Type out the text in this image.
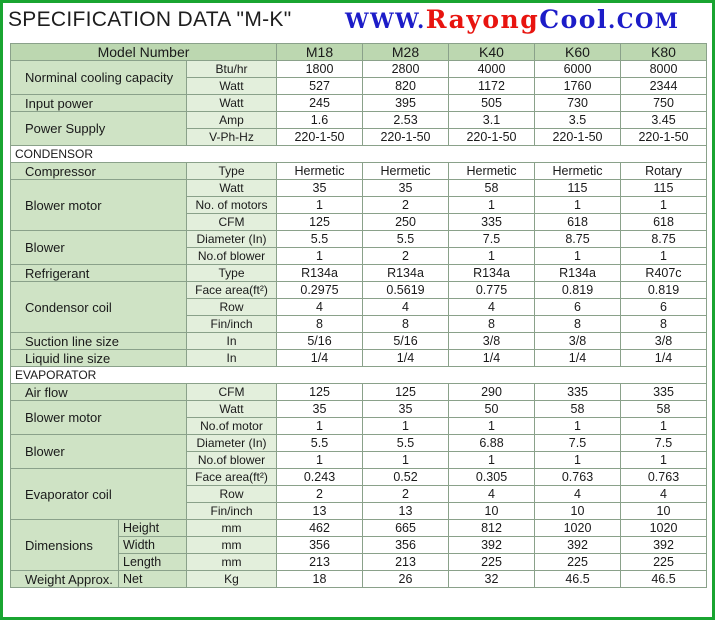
SPECIFICATION DATA "M-K"	WWW.RayongCool.COM
Model Number			M18	M28	K40	K60	K80
Norminal cooling capacity		Btu/hr	1800	2800	4000	6000	8000
		Watt	527	820	1172	1760	2344
Input power		Watt	245	395	505	730	750
Power Supply		Amp	1.6	2.53	3.1	3.5	3.45
		V-Ph-Hz	220-1-50	220-1-50	220-1-50	220-1-50	220-1-50
CONDENSOR							
Compressor		Type	Hermetic	Hermetic	Hermetic	Hermetic	Rotary
Blower motor		Watt	35	35	58	115	115
		No. of motors	1	2	1	1	1
		CFM	125	250	335	618	618
Blower		Diameter (In)	5.5	5.5	7.5	8.75	8.75
		No.of blower	1	2	1	1	1
Refrigerant		Type	R134a	R134a	R134a	R134a	R407c
Condensor coil		Face area(ft²)	0.2975	0.5619	0.775	0.819	0.819
		Row	4	4	4	6	6
		Fin/inch	8	8	8	8	8
Suction line size		In	5/16	5/16	3/8	3/8	3/8
Liquid line size		In	1/4	1/4	1/4	1/4	1/4
EVAPORATOR							
Air flow		CFM	125	125	290	335	335
Blower motor		Watt	35	35	50	58	58
		No.of motor	1	1	1	1	1
Blower		Diameter (In)	5.5	5.5	6.88	7.5	7.5
		No.of blower	1	1	1	1	1
Evaporator coil		Face area(ft²)	0.243	0.52	0.305	0.763	0.763
		Row	2	2	4	4	4
		Fin/inch	13	13	10	10	10
Dimensions	Height	mm	462	665	812	1020	1020
	Width	mm	356	356	392	392	392
	Length	mm	213	213	225	225	225
Weight Approx.	Net	Kg	18	26	32	46.5	46.5
